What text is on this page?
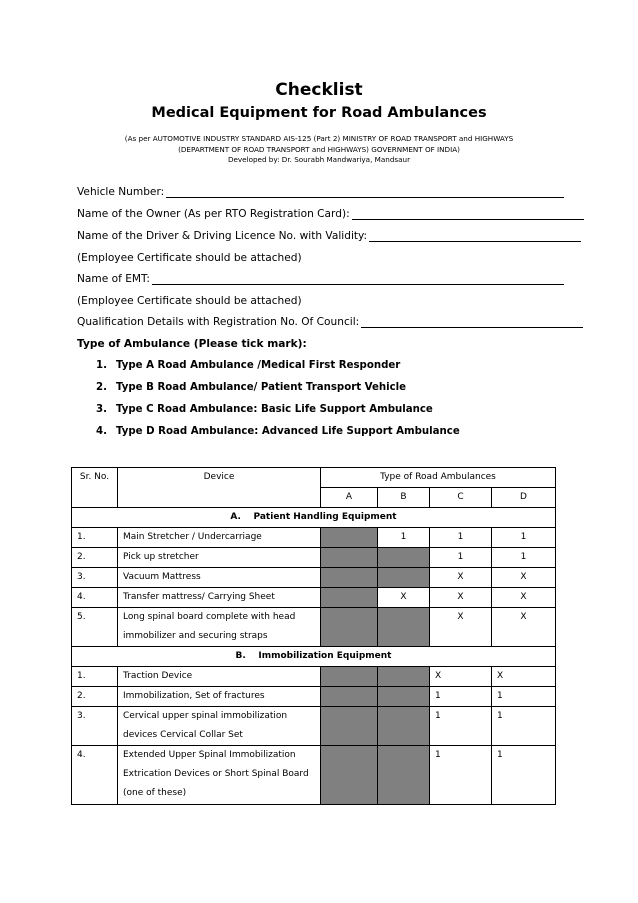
Checklist
Medical Equipment for Road Ambulances
(As per AUTOMOTIVE INDUSTRY STANDARD AIS-125 (Part 2) MINISTRY OF ROAD TRANSPORT and HIGHWAYS
(DEPARTMENT OF ROAD TRANSPORT and HIGHWAYS) GOVERNMENT OF INDIA)
Developed by: Dr. Sourabh Mandwariya, Mandsaur
Vehicle Number:
Name of the Owner (As per RTO Registration Card):
Name of the Driver & Driving Licence No. with Validity:
(Employee Certificate should be attached)
Name of EMT:
(Employee Certificate should be attached)
Qualification Details with Registration No. Of Council:
Type of Ambulance (Please tick mark):
1. Type A Road Ambulance /Medical First Responder
2. Type B Road Ambulance/ Patient Transport Vehicle
3. Type C Road Ambulance: Basic Life Support Ambulance
4. Type D Road Ambulance: Advanced Life Support Ambulance
Sr. No.	Device	Type of Road Ambulances			
		A	B	C	D
A. Patient Handling Equipment					
1.	Main Stretcher / Undercarriage		1	1	1
2.	Pick up stretcher			1	1
3.	Vacuum Mattress			X	X
4.	Transfer mattress/ Carrying Sheet		X	X	X
5.	Long spinal board complete with head
immobilizer and securing straps			X	X
B. Immobilization Equipment					
1.	Traction Device			X	X
2.	Immobilization, Set of fractures			1	1
3.	Cervical upper spinal immobilization
devices Cervical Collar Set			1	1
4.	Extended Upper Spinal Immobilization
Extrication Devices or Short Spinal Board
(one of these)			1	1
